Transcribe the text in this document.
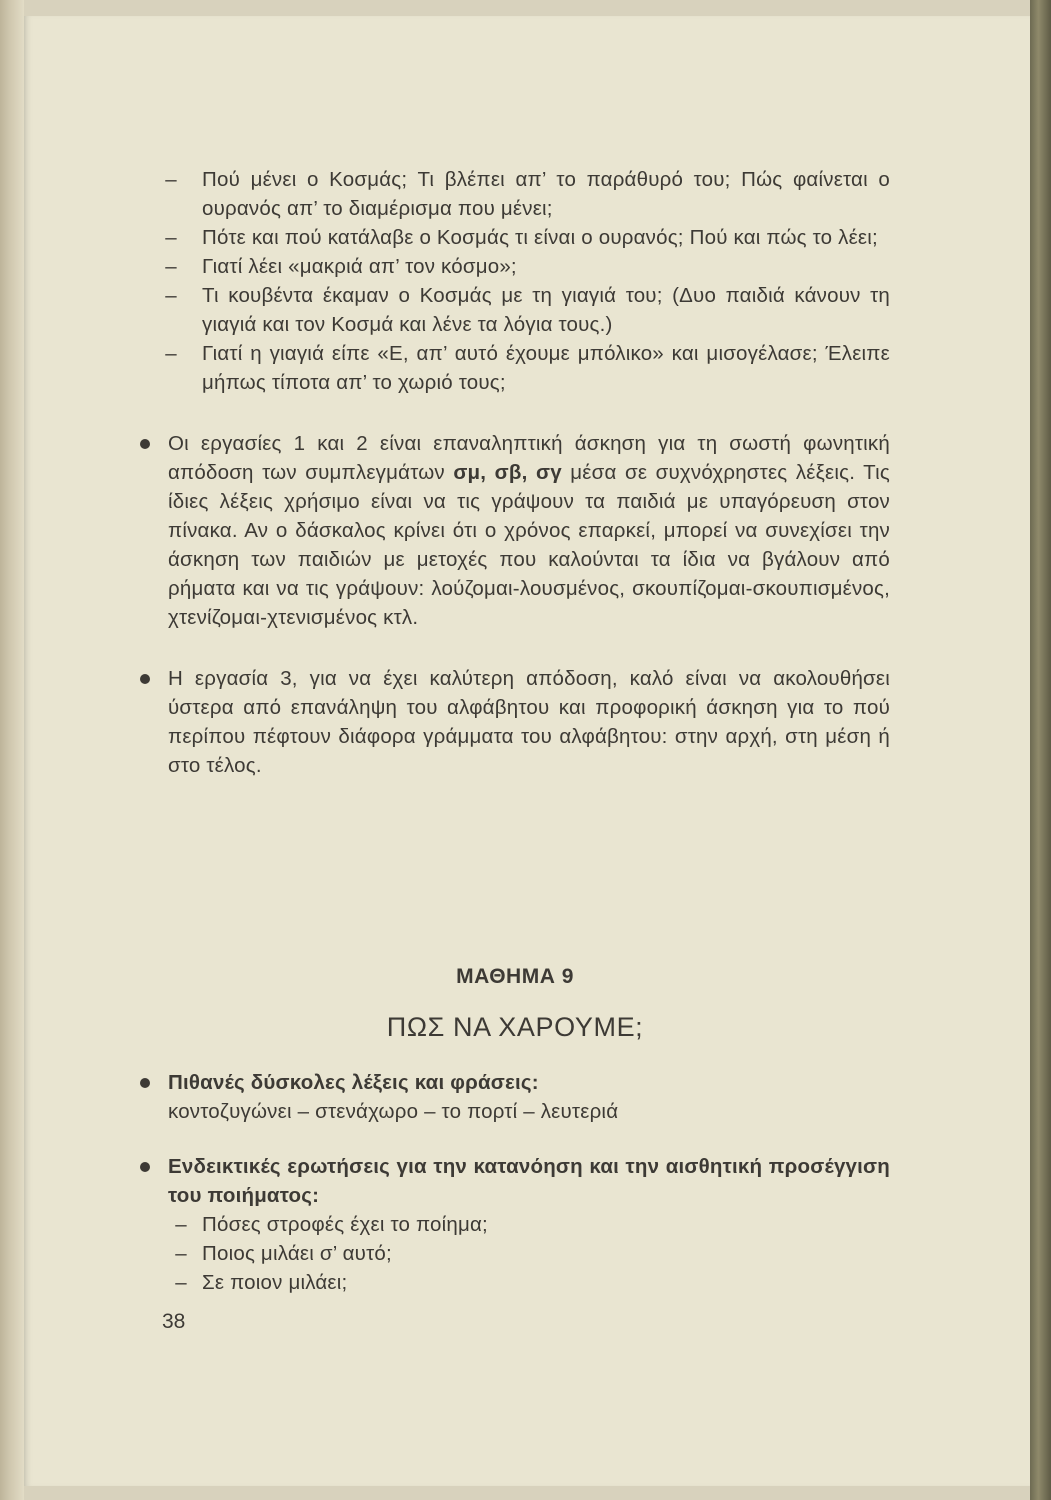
–	Πού μένει ο Κοσμάς; Τι βλέπει απ’ το παράθυρό του; Πώς φαίνεται ο ουρανός απ’ το διαμέρισμα που μένει;
–	Πότε και πού κατάλαβε ο Κοσμάς τι είναι ο ουρανός; Πού και πώς το λέει;
–	Γιατί λέει «μακριά απ’ τον κόσμο»;
–	Τι κουβέντα έκαμαν ο Κοσμάς με τη γιαγιά του; (Δυο παιδιά κάνουν τη γιαγιά και τον Κοσμά και λένε τα λόγια τους.)
–	Γιατί η γιαγιά είπε «Ε, απ’ αυτό έχουμε μπόλικο» και μισογέλασε; Έλειπε μήπως τίποτα απ’ το χωριό τους;
Οι εργασίες 1 και 2 είναι επαναληπτική άσκηση για τη σωστή φωνητική απόδοση των συμπλεγμάτων σμ, σβ, σγ μέσα σε συχνόχρηστες λέξεις. Τις ίδιες λέξεις χρήσιμο είναι να τις γράψουν τα παιδιά με υπαγόρευση στον πίνακα. Αν ο δάσκαλος κρίνει ότι ο χρόνος επαρκεί, μπορεί να συνεχίσει την άσκηση των παιδιών με μετοχές που καλούνται τα ίδια να βγάλουν από ρήματα και να τις γράψουν: λούζομαι-λουσμένος, σκουπίζομαι-σκουπισμένος, χτενίζομαι-χτενισμένος κτλ.
Η εργασία 3, για να έχει καλύτερη απόδοση, καλό είναι να ακολουθήσει ύστερα από επανάληψη του αλφάβητου και προφορική άσκηση για το πού περίπου πέφτουν διάφορα γράμματα του αλφάβητου: στην αρχή, στη μέση ή στο τέλος.
ΜΑΘΗΜΑ 9
ΠΩΣ ΝΑ ΧΑΡΟΥΜΕ;
Πιθανές δύσκολες λέξεις και φράσεις:
κοντοζυγώνει – στενάχωρο – το πορτί – λευτεριά
Ενδεικτικές ερωτήσεις για την κατανόηση και την αισθητική προσέγγιση του ποιήματος:
– Πόσες στροφές έχει το ποίημα;
– Ποιος μιλάει σ’ αυτό;
– Σε ποιον μιλάει;
38
